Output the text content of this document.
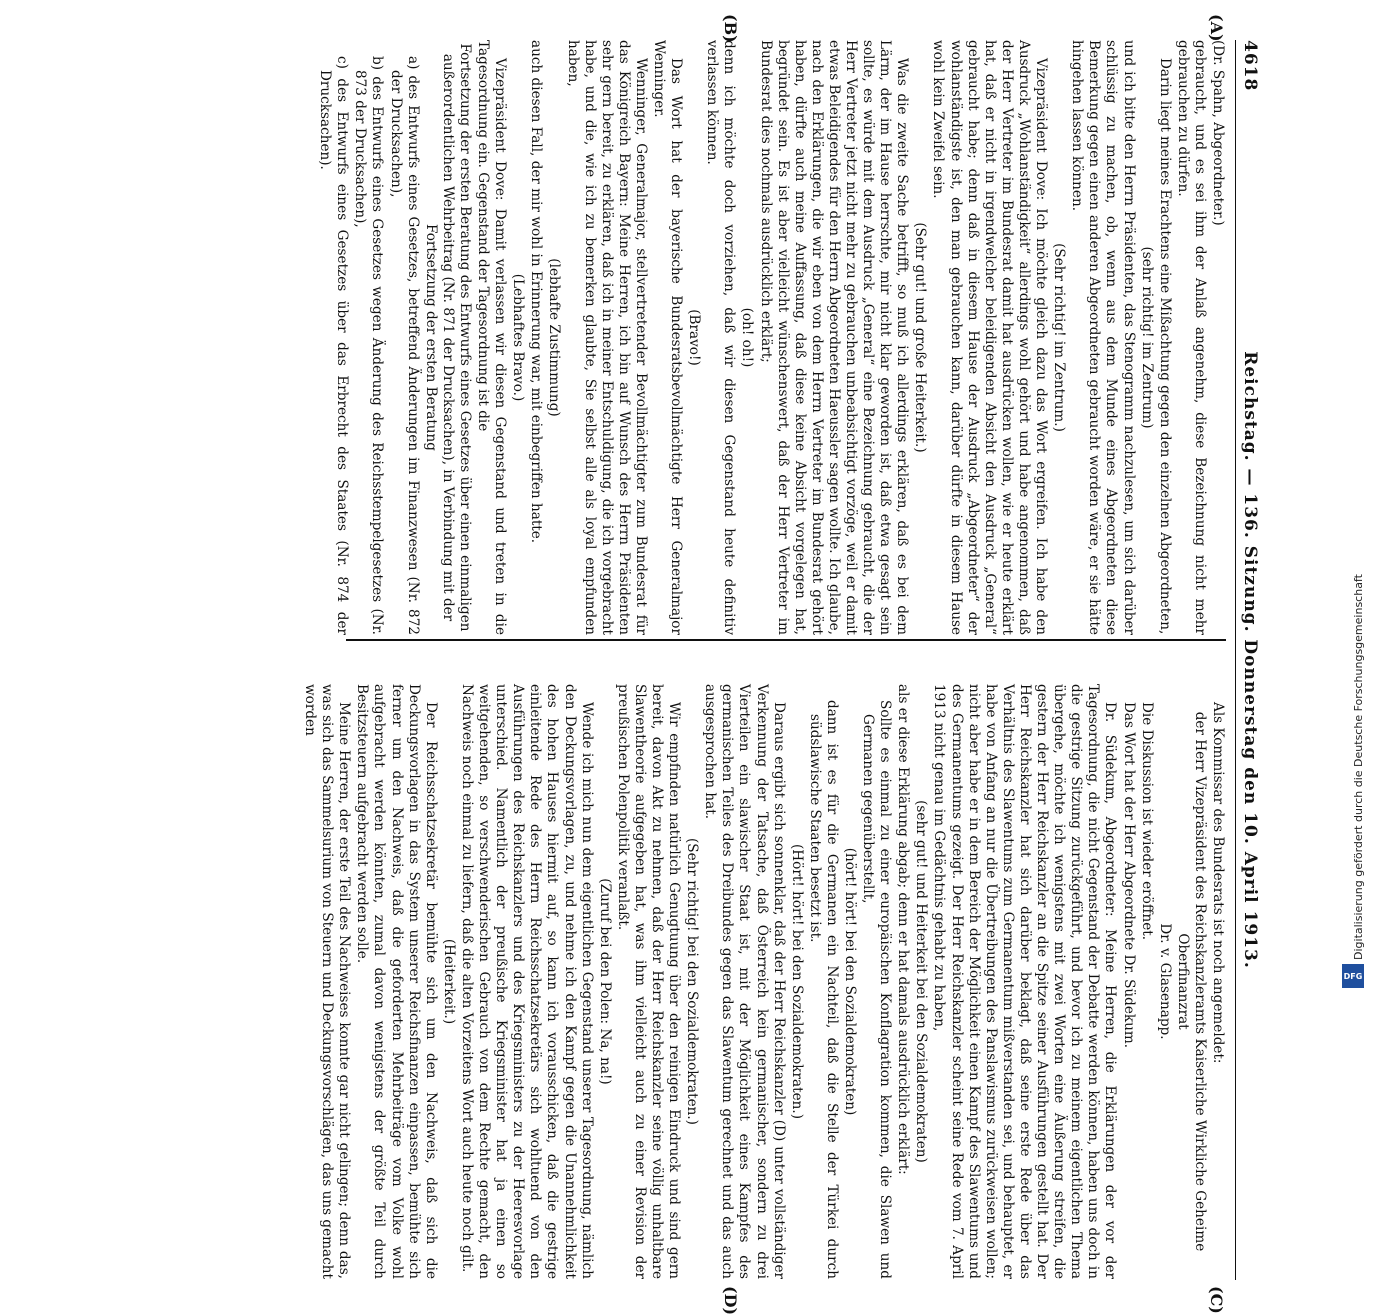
4618
Reichstag. — 136. Sitzung. Donnerstag den 10. April 1913.
(A)
(B)
(C)
(D)

(Dr. Spahn, Abgeordneter.)

gebraucht, und es sei ihm der Anlaß angenehm, diese Bezeichnung nicht mehr gebrauchen zu dürfen.

Darin liegt meines Erachtens eine Mißachtung gegen den einzelnen Abgeordneten,

(sehr richtig! im Zentrum)

und ich bitte den Herrn Präsidenten, das Stenogramm nachzulesen, um sich darüber schlüssig zu machen, ob, wenn aus dem Munde eines Abgeordneten diese Bemerkung gegen einen anderen Abgeordneten gebraucht worden wäre, er sie hätte hingehen lassen können.

(Sehr richtig! im Zentrum.)

Vizepräsident Dove: Ich möchte gleich dazu das Wort ergreifen. Ich habe den Ausdruck „Wohlanständigkeit“ allerdings wohl gehört und habe angenommen, daß der Herr Vertreter im Bundesrat damit hat ausdrücken wollen, wie er heute erklärt hat, daß er nicht in irgendwelcher beleidigenden Absicht den Ausdruck „General“ gebraucht habe; denn daß in diesem Hause der Ausdruck „Abgeordneter“ der wohlanständigste ist, den man gebrauchen kann, darüber dürfte in diesem Hause wohl kein Zweifel sein.

(Sehr gut! und große Heiterkeit.)

Was die zweite Sache betrifft, so muß ich allerdings erklären, daß es bei dem Lärm, der im Hause herrschte, mir nicht klar geworden ist, daß etwa gesagt sein sollte, es würde mit dem Ausdruck „General“ eine Bezeichnung gebraucht, die der Herr Vertreter jetzt nicht mehr zu gebrauchen unbeabsichtigt vorzöge, weil er damit etwas Beleidigendes für den Herrn Abgeordneten Haeussler sagen wollte. Ich glaube, nach den Erklärungen, die wir eben von dem Herrn Vertreter im Bundesrat gehört haben, dürfte auch meine Auffassung, daß diese keine Absicht vorgelegen hat, begründet sein. Es ist aber vielleicht wünschenswert, daß der Herr Vertreter im Bundesrat dies nochmals ausdrücklich erklärt;

(oh! oh!)

denn ich möchte doch vorziehen, daß wir diesen Gegenstand heute definitiv verlassen können.

(Bravo!)

Das Wort hat der bayerische Bundesratsbevollmächtigte Herr Generalmajor Wenninger.

Wenninger, Generalmajor, stellvertretender Bevollmächtigter zum Bundesrat für das Königreich Bayern: Meine Herren, ich bin auf Wunsch des Herrn Präsidenten sehr gern bereit, zu erklären, daß ich in meiner Entschuldigung, die ich vorgebracht habe, und die, wie ich zu bemerken glaubte, Sie selbst alle als loyal empfunden haben,

(lebhafte Zustimmung)

auch diesen Fall, der mir wohl in Erinnerung war, mit einbegriffen hatte.

(Lebhaftes Bravo.)

Vizepräsident Dove: Damit verlassen wir diesen Gegenstand und treten in die Tagesordnung ein. Gegenstand der Tagesordnung ist die

Fortsetzung der ersten Beratung des Entwurfs eines Gesetzes über einen einmaligen außerordentlichen Wehrbeitrag (Nr. 871 der Drucksachen), in Verbindung mit der Fortsetzung der ersten Beratung

a) des Entwurfs eines Gesetzes, betreffend Änderungen im Finanzwesen (Nr. 872 der Drucksachen),

b) des Entwurfs eines Gesetzes wegen Änderung des Reichsstempelgesetzes (Nr. 873 der Drucksachen),

c) des Entwurfs eines Gesetzes über das Erbrecht des Staates (Nr. 874 der Drucksachen).

Als Kommissar des Bundesrats ist noch angemeldet:

der Herr Vizepräsident des Reichskanzleramts Kaiserliche Wirkliche Geheime Oberfinanzrat

Dr. v. Glasenapp.

Die Diskussion ist wieder eröffnet.

Das Wort hat der Herr Abgeordnete Dr. Südekum.

Dr. Südekum, Abgeordneter: Meine Herren, die Erklärungen der vor der Tagesordnung, die nicht Gegenstand der Debatte werden können, haben uns doch in die gestrige Sitzung zurückgeführt, und bevor ich zu meinem eigentlichen Thema übergehe, möchte ich wenigstens mit zwei Worten eine Äußerung streifen, die gestern der Herr Reichskanzler an die Spitze seiner Ausführungen gestellt hat. Der Herr Reichskanzler hat sich darüber beklagt, daß seine erste Rede über das Verhältnis des Slawentums zum Germanentum mißverstanden sei, und behauptet, er habe von Anfang an nur die Übertreibungen des Panslawismus zurückweisen wollen; nicht aber habe er in dem Bereich der Möglichkeit einen Kampf des Slawentums und des Germanentums gezeigt. Der Herr Reichskanzler scheint seine Rede vom 7. April 1913 nicht genau im Gedächtnis gehabt zu haben,

(sehr gut! und Heiterkeit bei den Sozialdemokraten)

als er diese Erklärung abgab; denn er hat damals ausdrücklich erklärt:

Sollte es einmal zu einer europäischen Konflagration kommen, die Slawen und Germanen gegenüberstellt,

(hört! hört! bei den Sozialdemokraten)

dann ist es für die Germanen ein Nachteil, daß die Stelle der Türkei durch südslawische Staaten besetzt ist.

(Hört! hört! bei den Sozialdemokraten.)

Daraus ergibt sich sonnenklar, daß der Herr Reichskanzler (D) unter vollständiger Verkennung der Tatsache, daß Österreich kein germanischer, sondern zu drei Vierteilen ein slawischer Staat ist, mit der Möglichkeit eines Kampfes des germanischen Teiles des Dreibundes gegen das Slawentum gerechnet und das auch ausgesprochen hat.

(Sehr richtig! bei den Sozialdemokraten.)

Wir empfinden natürlich Genugtuung über den reinigen Eindruck und sind gern bereit, davon Akt zu nehmen, daß der Herr Reichskanzler seine völlig unhaltbare Slawentheorie aufgegeben hat, was ihm vielleicht auch zu einer Revision der preußischen Polenpolitik veranlaßt.

(Zuruf bei den Polen: Na, na!)

Wende ich mich nun dem eigentlichen Gegenstand unserer Tagesordnung, nämlich den Deckungsvorlagen, zu, und nehme ich den Kampf gegen die Unannehmlichkeit des hohen Hauses hiermit auf, so kann ich vorausschicken, daß die gestrige einleitende Rede des Herrn Reichsschatzsekretärs sich wohltuend von den Ausführungen des Reichskanzlers und des Kriegsministers zu der Heeresvorlage unterschied. Namentlich der preußische Kriegsminister hat ja einen so weitgehenden, so verschwenderischen Gebrauch von dem Rechte gemacht, den Nachweis noch einmal zu liefern, daß die alten Vorzeitens Wort auch heute noch gilt.

(Heiterkeit.)

Der Reichsschatzsekretär bemühte sich um den Nachweis, daß sich die Deckungsvorlagen in das System unserer Reichsfinanzen einpassen, bemühte sich ferner um den Nachweis, daß die geforderten Mehrbeiträge vom Volke wohl aufgebracht werden könnten, zumal davon wenigstens der größte Teil durch Besitzsteuern aufgebracht werden solle.

Meine Herren, der erste Teil des Nachweises konnte gar nicht gelingen; denn das, was sich das Sammelsurium von Steuern und Deckungsvorschlägen, das uns gemacht worden	Digitalisierung gefördert durch die Deutsche Forschungsgemeinschaft
DFG
